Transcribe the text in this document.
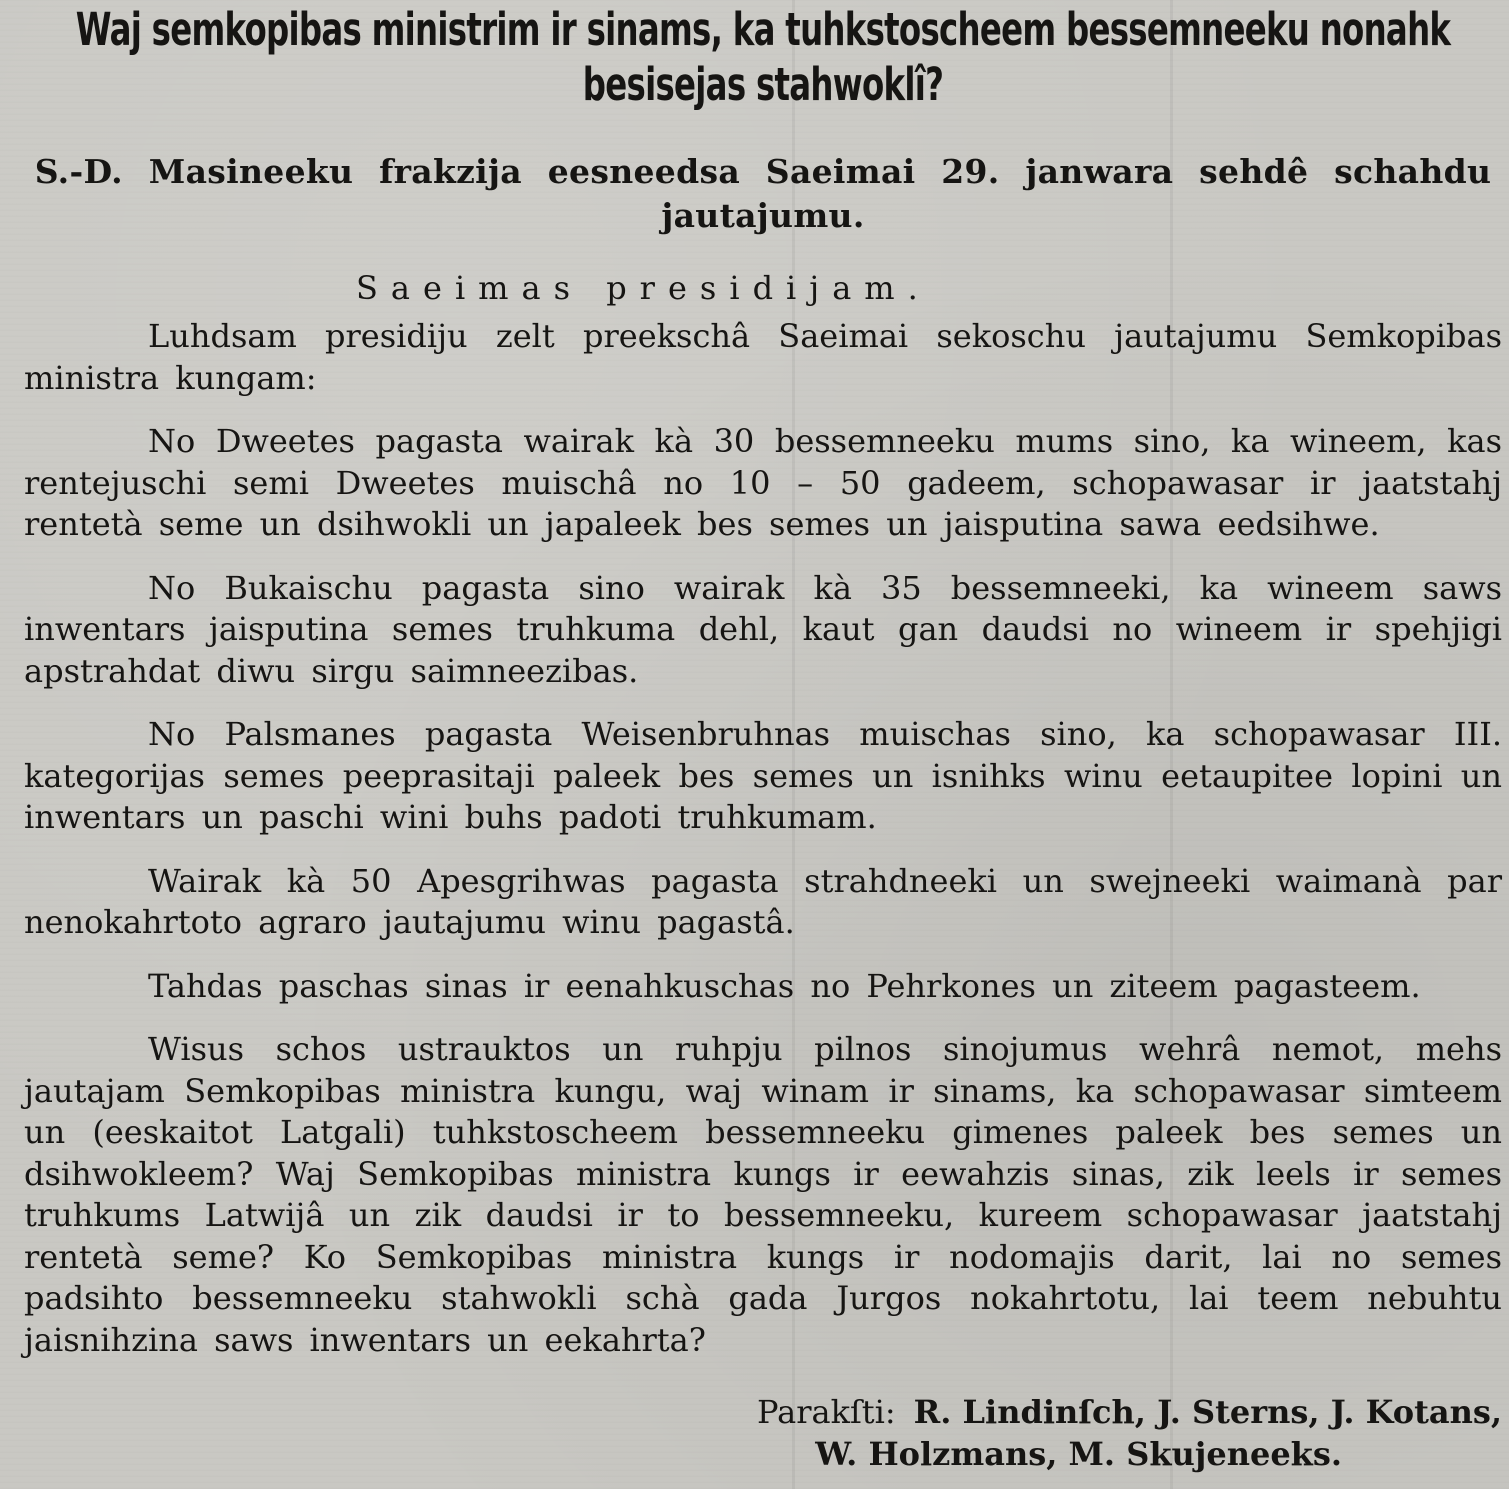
Waj semkopibas ministrim ir sinams, ka tuhkstoscheem bessemneeku nonahk besisejas stahwoklî?

S.-D. Masineeku frakzija eesneedsa Saeimai 29. janwara sehdê schahdu jautajumu.

Saeimas presidijam.

Luhdsam presidiju zelt preekschâ Saeimai sekoschu jautajumu Semkopibas ministra kungam:

No Dweetes pagasta wairak kà 30 bessemneeku mums sino, ka wineem, kas rentejuschi semi Dweetes muischâ no 10 – 50 gadeem, schopawasar ir jaatstahj rentetà seme un dsihwokli un japaleek bes semes un jaisputina sawa eedsihwe.

No Bukaischu pagasta sino wairak kà 35 bessemneeki, ka wineem saws inwentars jaisputina semes truhkuma dehl, kaut gan daudsi no wineem ir spehjigi apstrahdat diwu sirgu saimneezibas.

No Palsmanes pagasta Weisenbruhnas muischas sino, ka schopawasar III. kategorijas semes peeprasitaji paleek bes semes un isnihks winu eetaupitee lopini un inwentars un paschi wini buhs padoti truhkumam.

Wairak kà 50 Apesgrihwas pagasta strahdneeki un swejneeki waimanà par nenokahrtoto agraro jautajumu winu pagastâ.

Tahdas paschas sinas ir eenahkuschas no Pehrkones un ziteem pagasteem.

Wisus schos ustrauktos un ruhpju pilnos sinojumus wehrâ nemot, mehs jautajam Semkopibas ministra kungu, waj winam ir sinams, ka schopawasar simteem un (eeskaitot Latgali) tuhkstoscheem bessemneeku gimenes paleek bes semes un dsihwokleem? Waj Semkopibas ministra kungs ir eewahzis sinas, zik leels ir semes truhkums Latwijâ un zik daudsi ir to bessemneeku, kureem schopawasar jaatstahj rentetà seme? Ko Semkopibas ministra kungs ir nodomajis darit, lai no semes padsihto bessemneeku stahwokli schà gada Jurgos nokahrtotu, lai teem nebuhtu jaisnihzina saws inwentars un eekahrta?

Parakſti: R. Lindinſch, J. Sterns, J. Kotans,
W. Holzmans, M. Skujeneeks.
